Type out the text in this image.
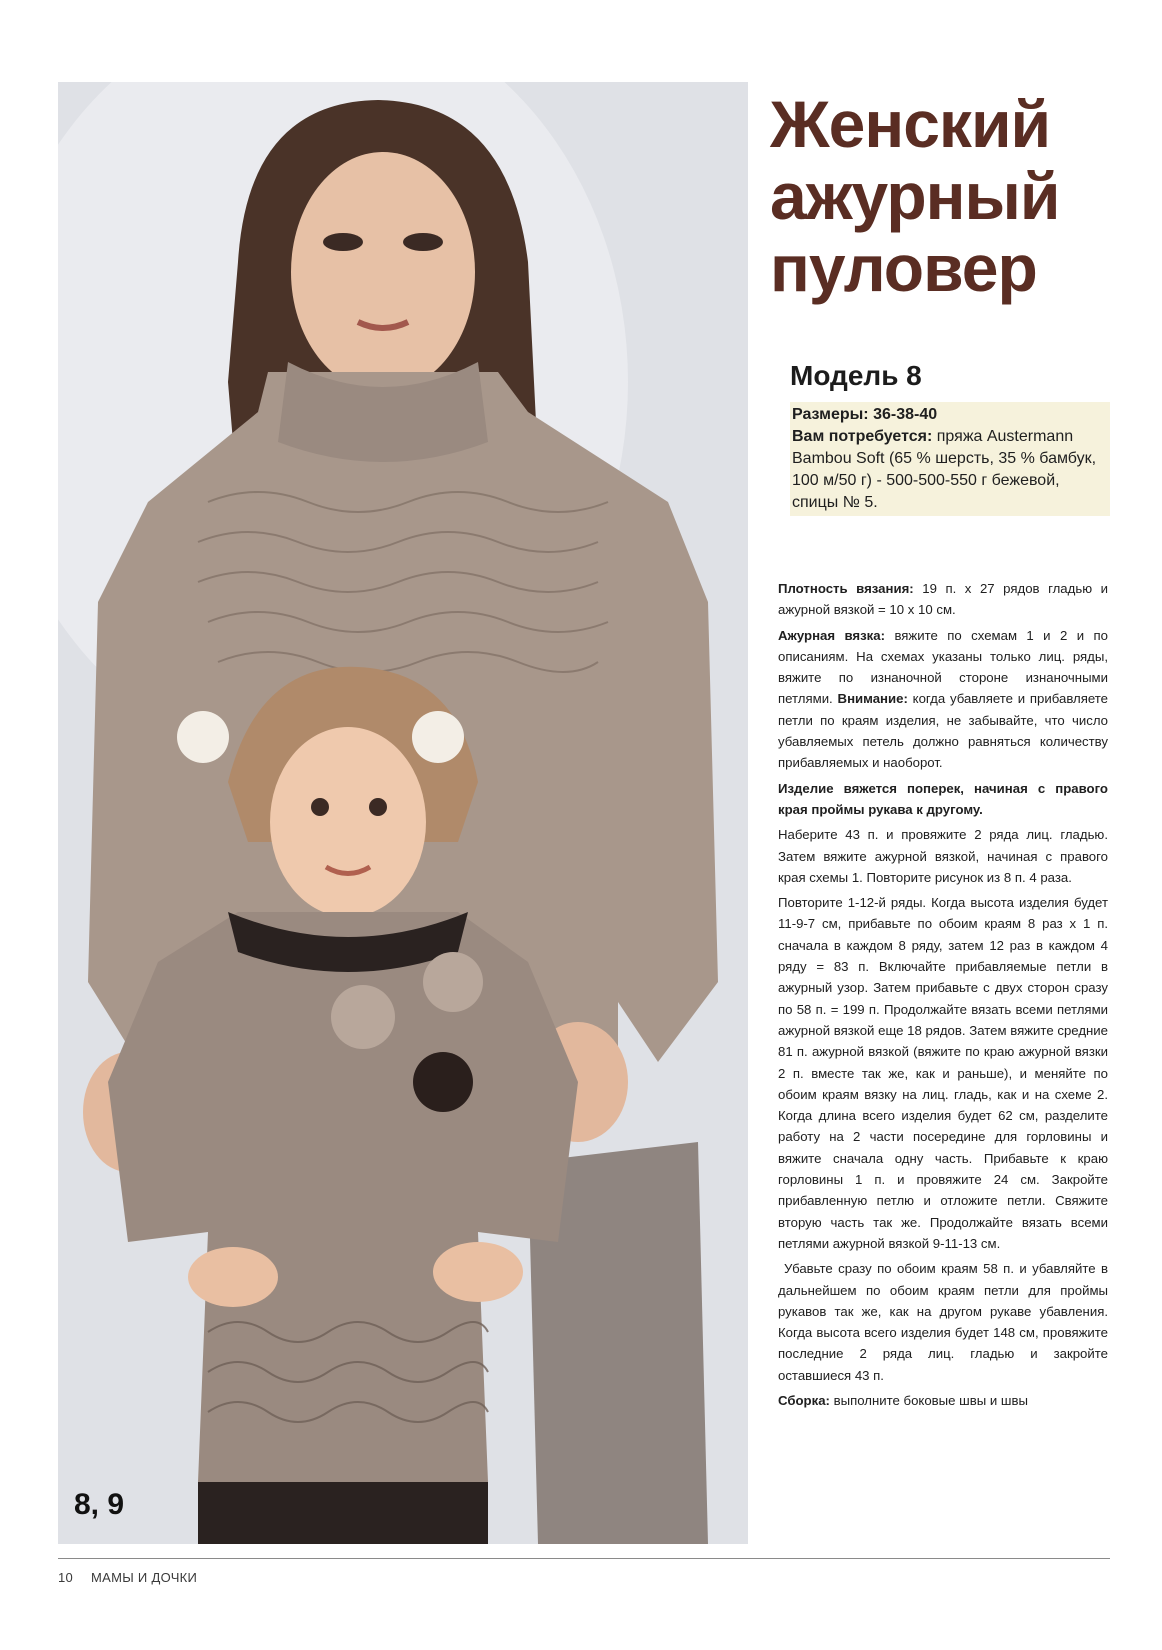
8, 9
Женский
ажурный
пуловер
Модель 8
Размеры: 36-38-40
Вам потребуется: пряжа Austermann Bambou Soft (65 % шерсть, 35 % бамбук, 100 м/50 г) - 500-500-550 г бежевой, спицы № 5.

Плотность вязания: 19 п. х 27 рядов гладью и ажурной вязкой = 10 х 10 см.

Ажурная вязка: вяжите по схемам 1 и 2 и по описаниям. На схемах указаны только лиц. ряды, вяжите по изнаночной стороне изнаночными петлями. Внимание: когда убавляете и прибавляете петли по краям изделия, не забывайте, что число убавляемых петель должно равняться количеству прибавляемых и наоборот.

Изделие вяжется поперек, начиная с правого края проймы рукава к другому.

Наберите 43 п. и провяжите 2 ряда лиц. гладью. Затем вяжите ажурной вязкой, начиная с правого края схемы 1. Повторите рисунок из 8 п. 4 раза.

Повторите 1-12-й ряды. Когда высота изделия будет 11-9-7 см, прибавьте по обоим краям 8 раз х 1 п. сначала в каждом 8 ряду, затем 12 раз в каждом 4 ряду = 83 п. Включайте прибавляемые петли в ажурный узор. Затем прибавьте с двух сторон сразу по 58 п. = 199 п. Продолжайте вязать всеми петлями ажурной вязкой еще 18 рядов. Затем вяжите средние 81 п. ажурной вязкой (вяжите по краю ажурной вязки 2 п. вместе так же, как и раньше), и меняйте по обоим краям вязку на лиц. гладь, как и на схеме 2. Когда длина всего изделия будет 62 см, разделите работу на 2 части посередине для горловины и вяжите сначала одну часть. Прибавьте к краю горловины 1 п. и провяжите 24 см. Закройте прибавленную петлю и отложите петли. Свяжите вторую часть так же. Продолжайте вязать всеми петлями ажурной вязкой 9-11-13 см.

Убавьте сразу по обоим краям 58 п. и убавляйте в дальнейшем по обоим краям петли для проймы рукавов так же, как на другом рукаве убавления. Когда высота всего изделия будет 148 см, провяжите последние 2 ряда лиц. гладью и закройте оставшиеся 43 п.

Сборка: выполните боковые швы и швы

10 МАМЫ И ДОЧКИ
